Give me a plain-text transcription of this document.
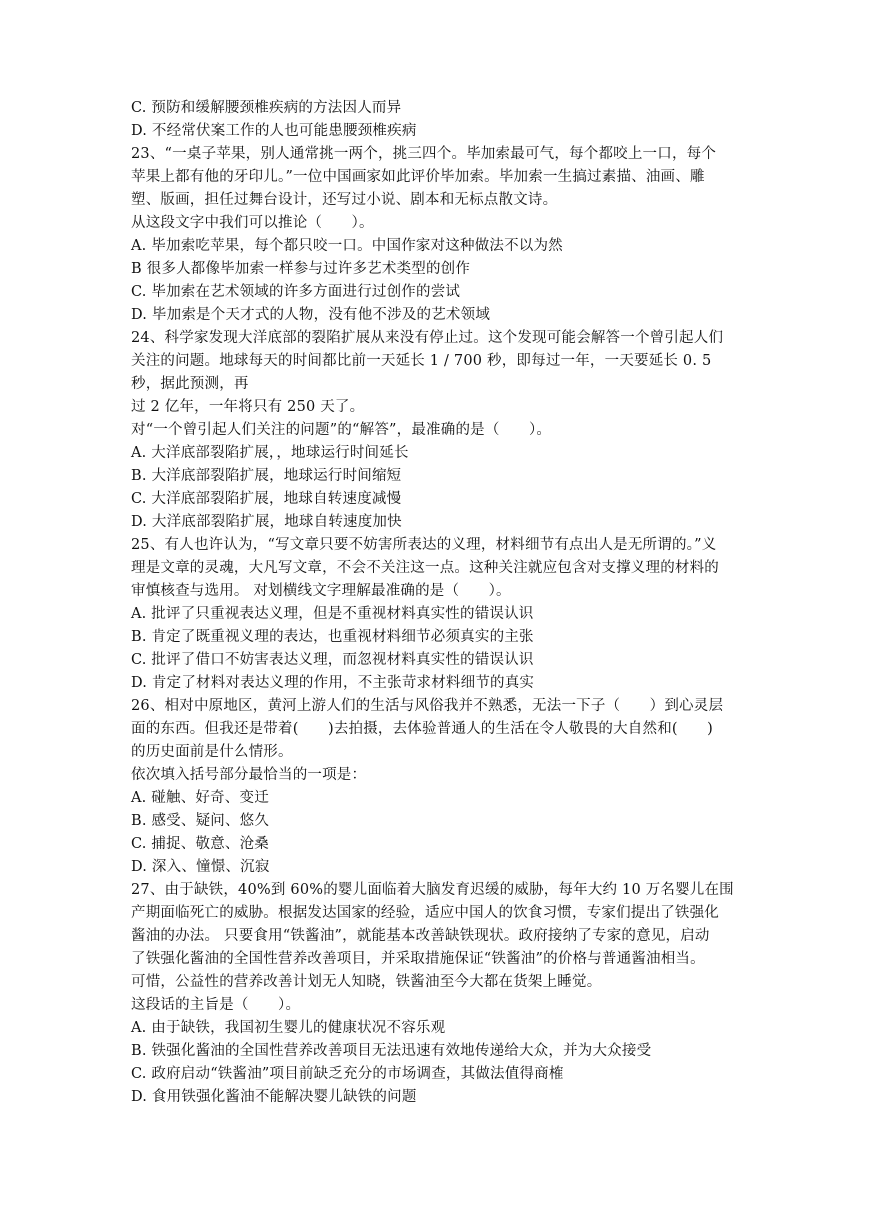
C. 预防和缓解腰颈椎疾病的方法因人而异
D. 不经常伏案工作的人也可能患腰颈椎疾病
23、“一桌子苹果，别人通常挑一两个，挑三四个。毕加索最可气，每个都咬上一口，每个
苹果上都有他的牙印儿。”一位中国画家如此评价毕加索。毕加索一生搞过素描、油画、雕
塑、版画，担任过舞台设计，还写过小说、剧本和无标点散文诗。
从这段文字中我们可以推论（　　）。
A. 毕加索吃苹果，每个都只咬一口。中国作家对这种做法不以为然
B 很多人都像毕加索一样参与过许多艺术类型的创作
C. 毕加索在艺术领域的许多方面进行过创作的尝试
D. 毕加索是个天才式的人物，没有他不涉及的艺术领域
24、科学家发现大洋底部的裂陷扩展从来没有停止过。这个发现可能会解答一个曾引起人们
关注的问题。地球每天的时间都比前一天延长 1 / 700 秒，即每过一年，一天要延长 0. 5
秒，据此预测，再
过 2 亿年，一年将只有 250 天了。
对“一个曾引起人们关注的问题”的“解答”，最准确的是（　　）。
A. 大洋底部裂陷扩展，，地球运行时间延长
B. 大洋底部裂陷扩展，地球运行时间缩短
C. 大洋底部裂陷扩展，地球自转速度减慢
D. 大洋底部裂陷扩展，地球自转速度加快
25、有人也许认为，“写文章只要不妨害所表达的义理，材料细节有点出人是无所谓的。”义
理是文章的灵魂，大凡写文章，不会不关注这一点。这种关注就应包含对支撑义理的材料的
审慎核查与选用。 对划横线文字理解最准确的是（　　）。
A. 批评了只重视表达义理，但是不重视材料真实性的错误认识
B. 肯定了既重视义理的表达，也重视材料细节必须真实的主张
C. 批评了借口不妨害表达义理，而忽视材料真实性的错误认识
D. 肯定了材料对表达义理的作用，不主张苛求材料细节的真实
26、相对中原地区，黄河上游人们的生活与风俗我并不熟悉，无法一下子（　　）到心灵层
面的东西。但我还是带着(　　)去拍摄，去体验普通人的生活在令人敬畏的大自然和(　　)
的历史面前是什么情形。
依次填入括号部分最恰当的一项是：
A. 碰触、好奇、变迁
B. 感受、疑问、悠久
C. 捕捉、敬意、沧桑
D. 深入、憧憬、沉寂
27、由于缺铁，40%到 60%的婴儿面临着大脑发育迟缓的威胁，每年大约 10 万名婴儿在围
产期面临死亡的威胁。根据发达国家的经验，适应中国人的饮食习惯，专家们提出了铁强化
酱油的办法。 只要食用“铁酱油”，就能基本改善缺铁现状。政府接纳了专家的意见，启动
了铁强化酱油的全国性营养改善项目，并采取措施保证“铁酱油”的价格与普通酱油相当。
可惜，公益性的营养改善计划无人知晓，铁酱油至今大都在货架上睡觉。
这段话的主旨是（　　）。
A. 由于缺铁，我国初生婴儿的健康状况不容乐观
B. 铁强化酱油的全国性营养改善项目无法迅速有效地传递给大众，并为大众接受
C. 政府启动“铁酱油”项目前缺乏充分的市场调查，其做法值得商榷
D. 食用铁强化酱油不能解决婴儿缺铁的问题
